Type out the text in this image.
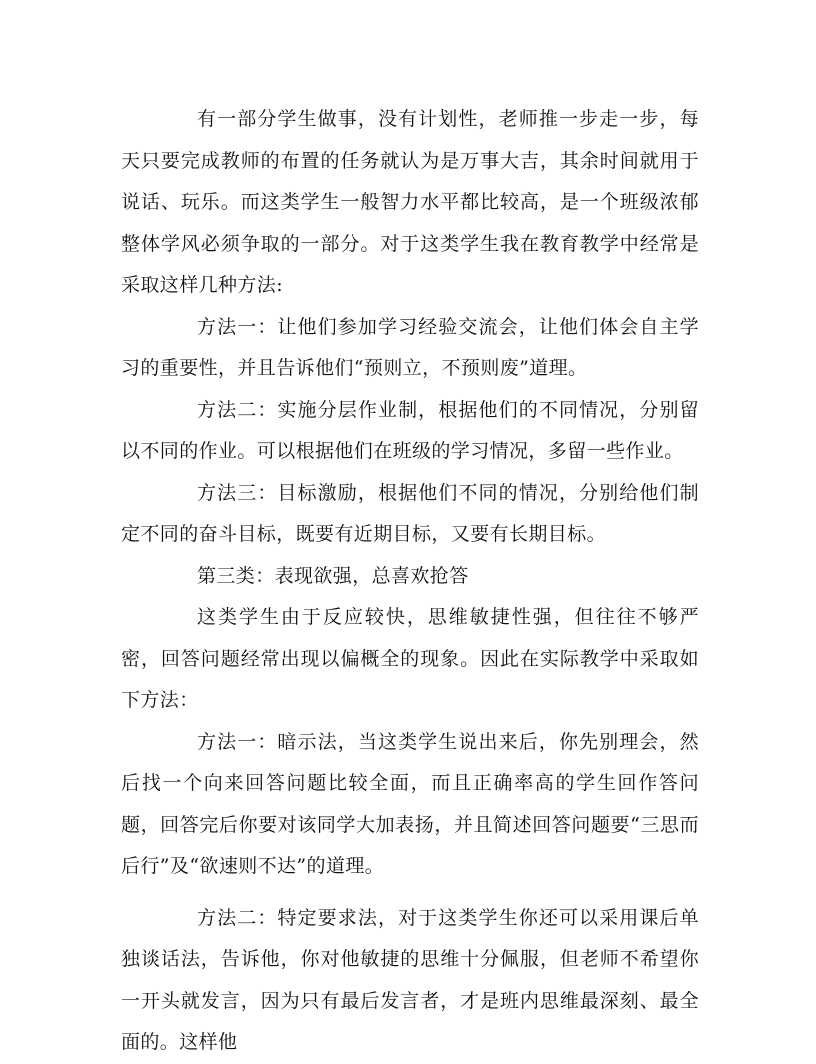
有一部分学生做事，没有计划性，老师推一步走一步，每天只要完成教师的布置的任务就认为是万事大吉，其余时间就用于说话、玩乐。而这类学生一般智力水平都比较高，是一个班级浓郁整体学风必须争取的一部分。对于这类学生我在教育教学中经常是采取这样几种方法:

方法一：让他们参加学习经验交流会，让他们体会自主学习的重要性，并且告诉他们“预则立，不预则废”道理。

方法二：实施分层作业制，根据他们的不同情况，分别留以不同的作业。可以根据他们在班级的学习情况，多留一些作业。

方法三：目标激励，根据他们不同的情况，分别给他们制定不同的奋斗目标，既要有近期目标，又要有长期目标。

第三类：表现欲强，总喜欢抢答

这类学生由于反应较快，思维敏捷性强，但往往不够严密，回答问题经常出现以偏概全的现象。因此在实际教学中采取如下方法：

方法一：暗示法，当这类学生说出来后，你先别理会，然后找一个向来回答问题比较全面，而且正确率高的学生回作答问题，回答完后你要对该同学大加表扬，并且简述回答问题要“三思而后行”及“欲速则不达”的道理。

方法二：特定要求法，对于这类学生你还可以采用课后单独谈话法，告诉他，你对他敏捷的思维十分佩服，但老师不希望你一开头就发言，因为只有最后发言者，才是班内思维最深刻、最全面的。这样他
